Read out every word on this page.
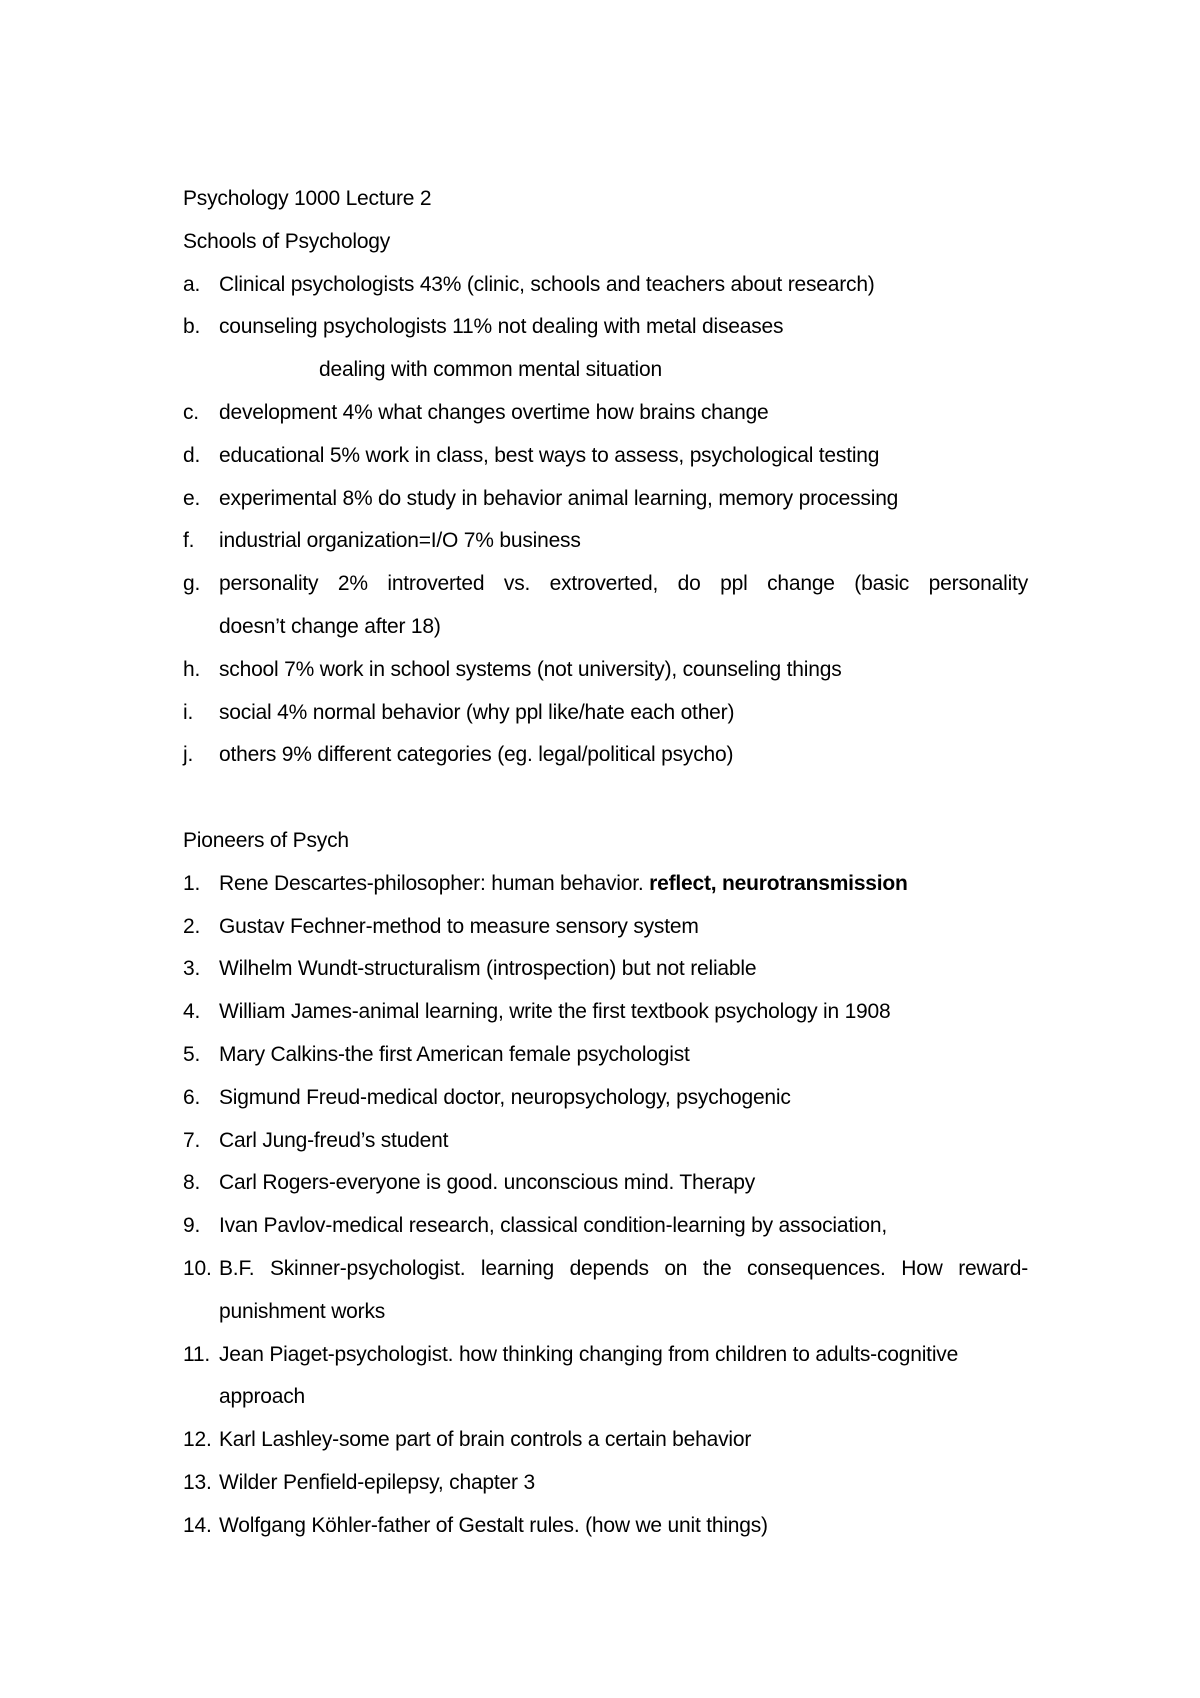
Psychology 1000 Lecture 2
Schools of Psychology
a. Clinical psychologists 43% (clinic, schools and teachers about research)
b. counseling psychologists 11% not dealing with metal diseases
dealing with common mental situation
c. development 4% what changes overtime how brains change
d. educational 5% work in class, best ways to assess, psychological testing
e. experimental 8% do study in behavior animal learning, memory processing
f.	industrial organization=I/O 7% business
g. personality 2% introverted vs. extroverted, do ppl change (basic personality
doesn’t change after 18)
h. school 7% work in school systems (not university), counseling things
i.	social 4% normal behavior (why ppl like/hate each other)
j.	others 9% different categories (eg. legal/political psycho)
Pioneers of Psych
1. Rene Descartes-philosopher: human behavior. reflect, neurotransmission
2. Gustav Fechner-method to measure sensory system
3. Wilhelm Wundt-structuralism (introspection) but not reliable
4. William James-animal learning, write the first textbook psychology in 1908
5. Mary Calkins-the first American female psychologist
6. Sigmund Freud-medical doctor, neuropsychology, psychogenic
7. Carl Jung-freud’s student
8. Carl Rogers-everyone is good. unconscious mind. Therapy
9. Ivan Pavlov-medical research, classical condition-learning by association,
10. B.F. Skinner-psychologist. learning depends on the consequences. How reward-
punishment works
11. Jean Piaget-psychologist. how thinking changing from children to adults-cognitive
approach
12. Karl Lashley-some part of brain controls a certain behavior
13. Wilder Penfield-epilepsy, chapter 3
14. Wolfgang Köhler-father of Gestalt rules. (how we unit things)
